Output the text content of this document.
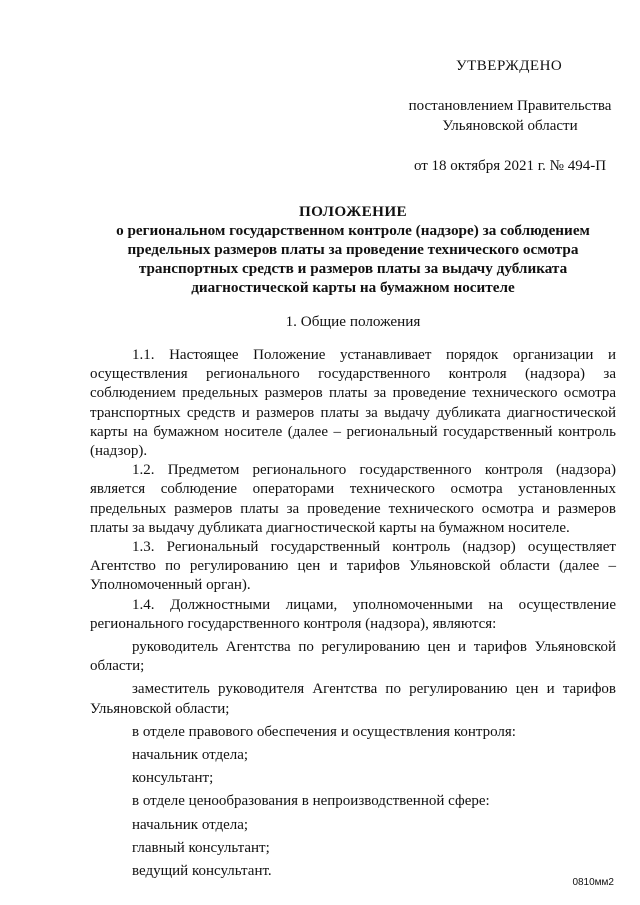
УТВЕРЖДЕНО
постановлением Правительства
Ульяновской области
от 18 октября 2021 г. № 494-П
ПОЛОЖЕНИЕ
о региональном государственном контроле (надзоре) за соблюдением
предельных размеров платы за проведение технического осмотра
транспортных средств и размеров платы за выдачу дубликата
диагностической карты на бумажном носителе
1. Общие положения

1.1. Настоящее Положение устанавливает порядок организации и осуществления регионального государственного контроля (надзора) за соблюдением предельных размеров платы за проведение технического осмотра транспортных средств и размеров платы за выдачу дубликата диагностической карты на бумажном носителе (далее – региональный государственный контроль (надзор).

1.2. Предметом регионального государственного контроля (надзора) является соблюдение операторами технического осмотра установленных предельных размеров платы за проведение технического осмотра и размеров платы за выдачу дубликата диагностической карты на бумажном носителе.

1.3. Региональный государственный контроль (надзор) осуществляет Агентство по регулированию цен и тарифов Ульяновской области (далее – Уполномоченный орган).

1.4. Должностными лицами, уполномоченными на осуществление регионального государственного контроля (надзора), являются:

руководитель Агентства по регулированию цен и тарифов Ульяновской области;

заместитель руководителя Агентства по регулированию цен и тарифов Ульяновской области;

в отделе правового обеспечения и осуществления контроля:

начальник отдела;

консультант;

в отделе ценообразования в непроизводственной сфере:

начальник отдела;

главный консультант;

ведущий консультант.

0810мм2
